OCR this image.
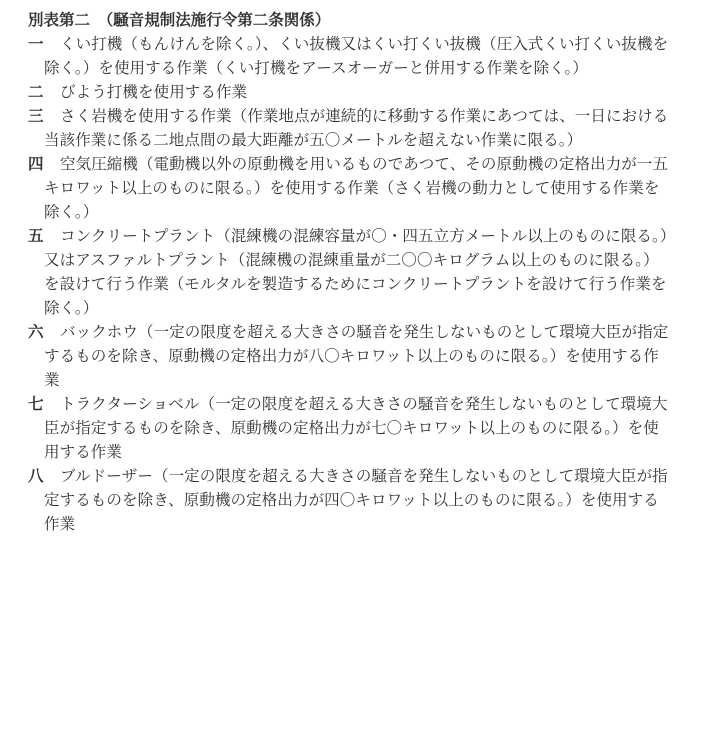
別表第二　（騒音規制法施行令第二条関係）
一 くい打機（もんけんを除く。）、くい抜機又はくい打くい抜機（圧入式くい打くい抜機を除く。）を使用する作業（くい打機をアースオーガーと併用する作業を除く。）
二 びよう打機を使用する作業
三 さく岩機を使用する作業（作業地点が連続的に移動する作業にあつては、一日における当該作業に係る二地点間の最大距離が五〇メートルを超えない作業に限る。）
四 空気圧縮機（電動機以外の原動機を用いるものであつて、その原動機の定格出力が一五キロワット以上のものに限る。）を使用する作業（さく岩機の動力として使用する作業を除く。）
五 コンクリートプラント（混練機の混練容量が〇・四五立方メートル以上のものに限る。）又はアスファルトプラント（混練機の混練重量が二〇〇キログラム以上のものに限る。）を設けて行う作業（モルタルを製造するためにコンクリートプラントを設けて行う作業を除く。）
六 バックホウ（一定の限度を超える大きさの騒音を発生しないものとして環境大臣が指定するものを除き、原動機の定格出力が八〇キロワット以上のものに限る。）を使用する作業
七 トラクターショベル（一定の限度を超える大きさの騒音を発生しないものとして環境大臣が指定するものを除き、原動機の定格出力が七〇キロワット以上のものに限る。）を使用する作業
八 ブルドーザー（一定の限度を超える大きさの騒音を発生しないものとして環境大臣が指定するものを除き、原動機の定格出力が四〇キロワット以上のものに限る。）を使用する作業
